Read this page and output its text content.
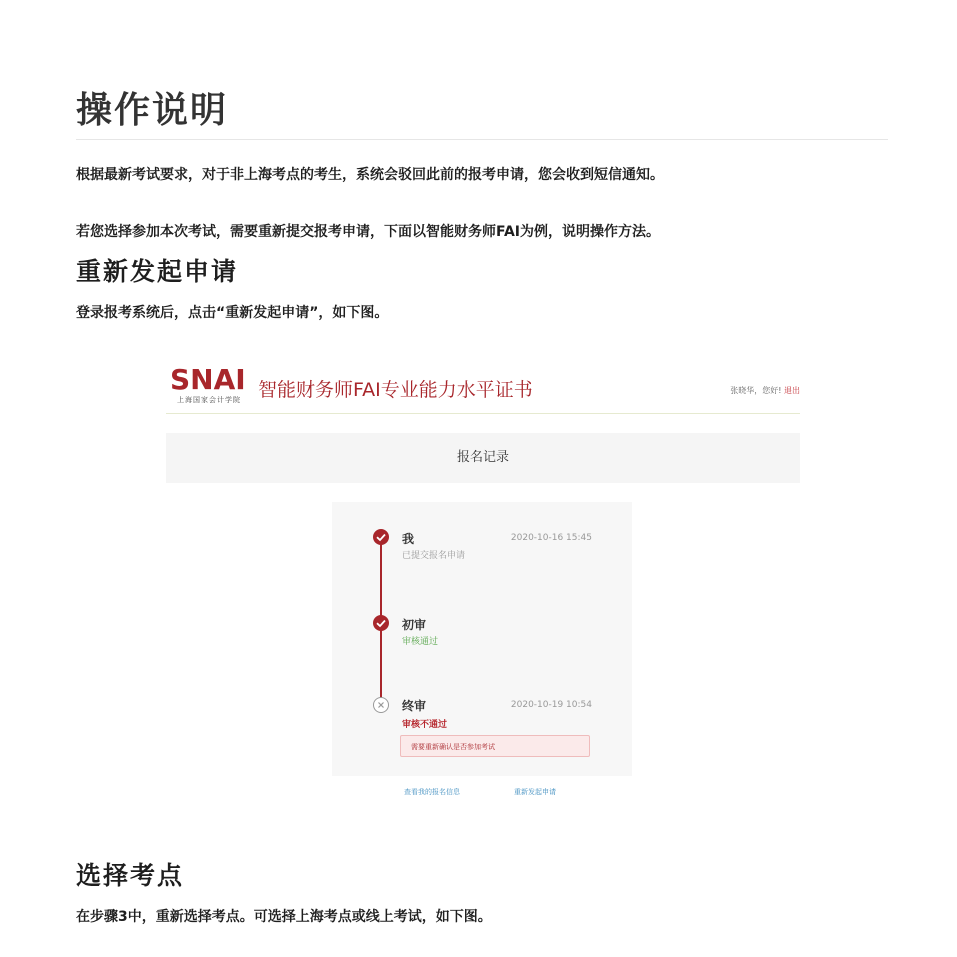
操作说明

根据最新考试要求，对于非上海考点的考生，系统会驳回此前的报考申请，您会收到短信通知。

若您选择参加本次考试，需要重新提交报考申请，下面以智能财务师FAI为例，说明操作方法。

重新发起申请

登录报考系统后，点击“重新发起申请”，如下图。

SNAI
上海国家会计学院 智能财务师FAI专业能力水平证书	张晓华，您好! 退出
报名记录
我	2020-10-16 15:45
已提交报名申请
初审
审核通过
终审	2020-10-19 10:54
审核不通过
需要重新确认是否参加考试
查看我的报名信息	重新发起申请
选择考点

在步骤3中，重新选择考点。可选择上海考点或线上考试，如下图。
